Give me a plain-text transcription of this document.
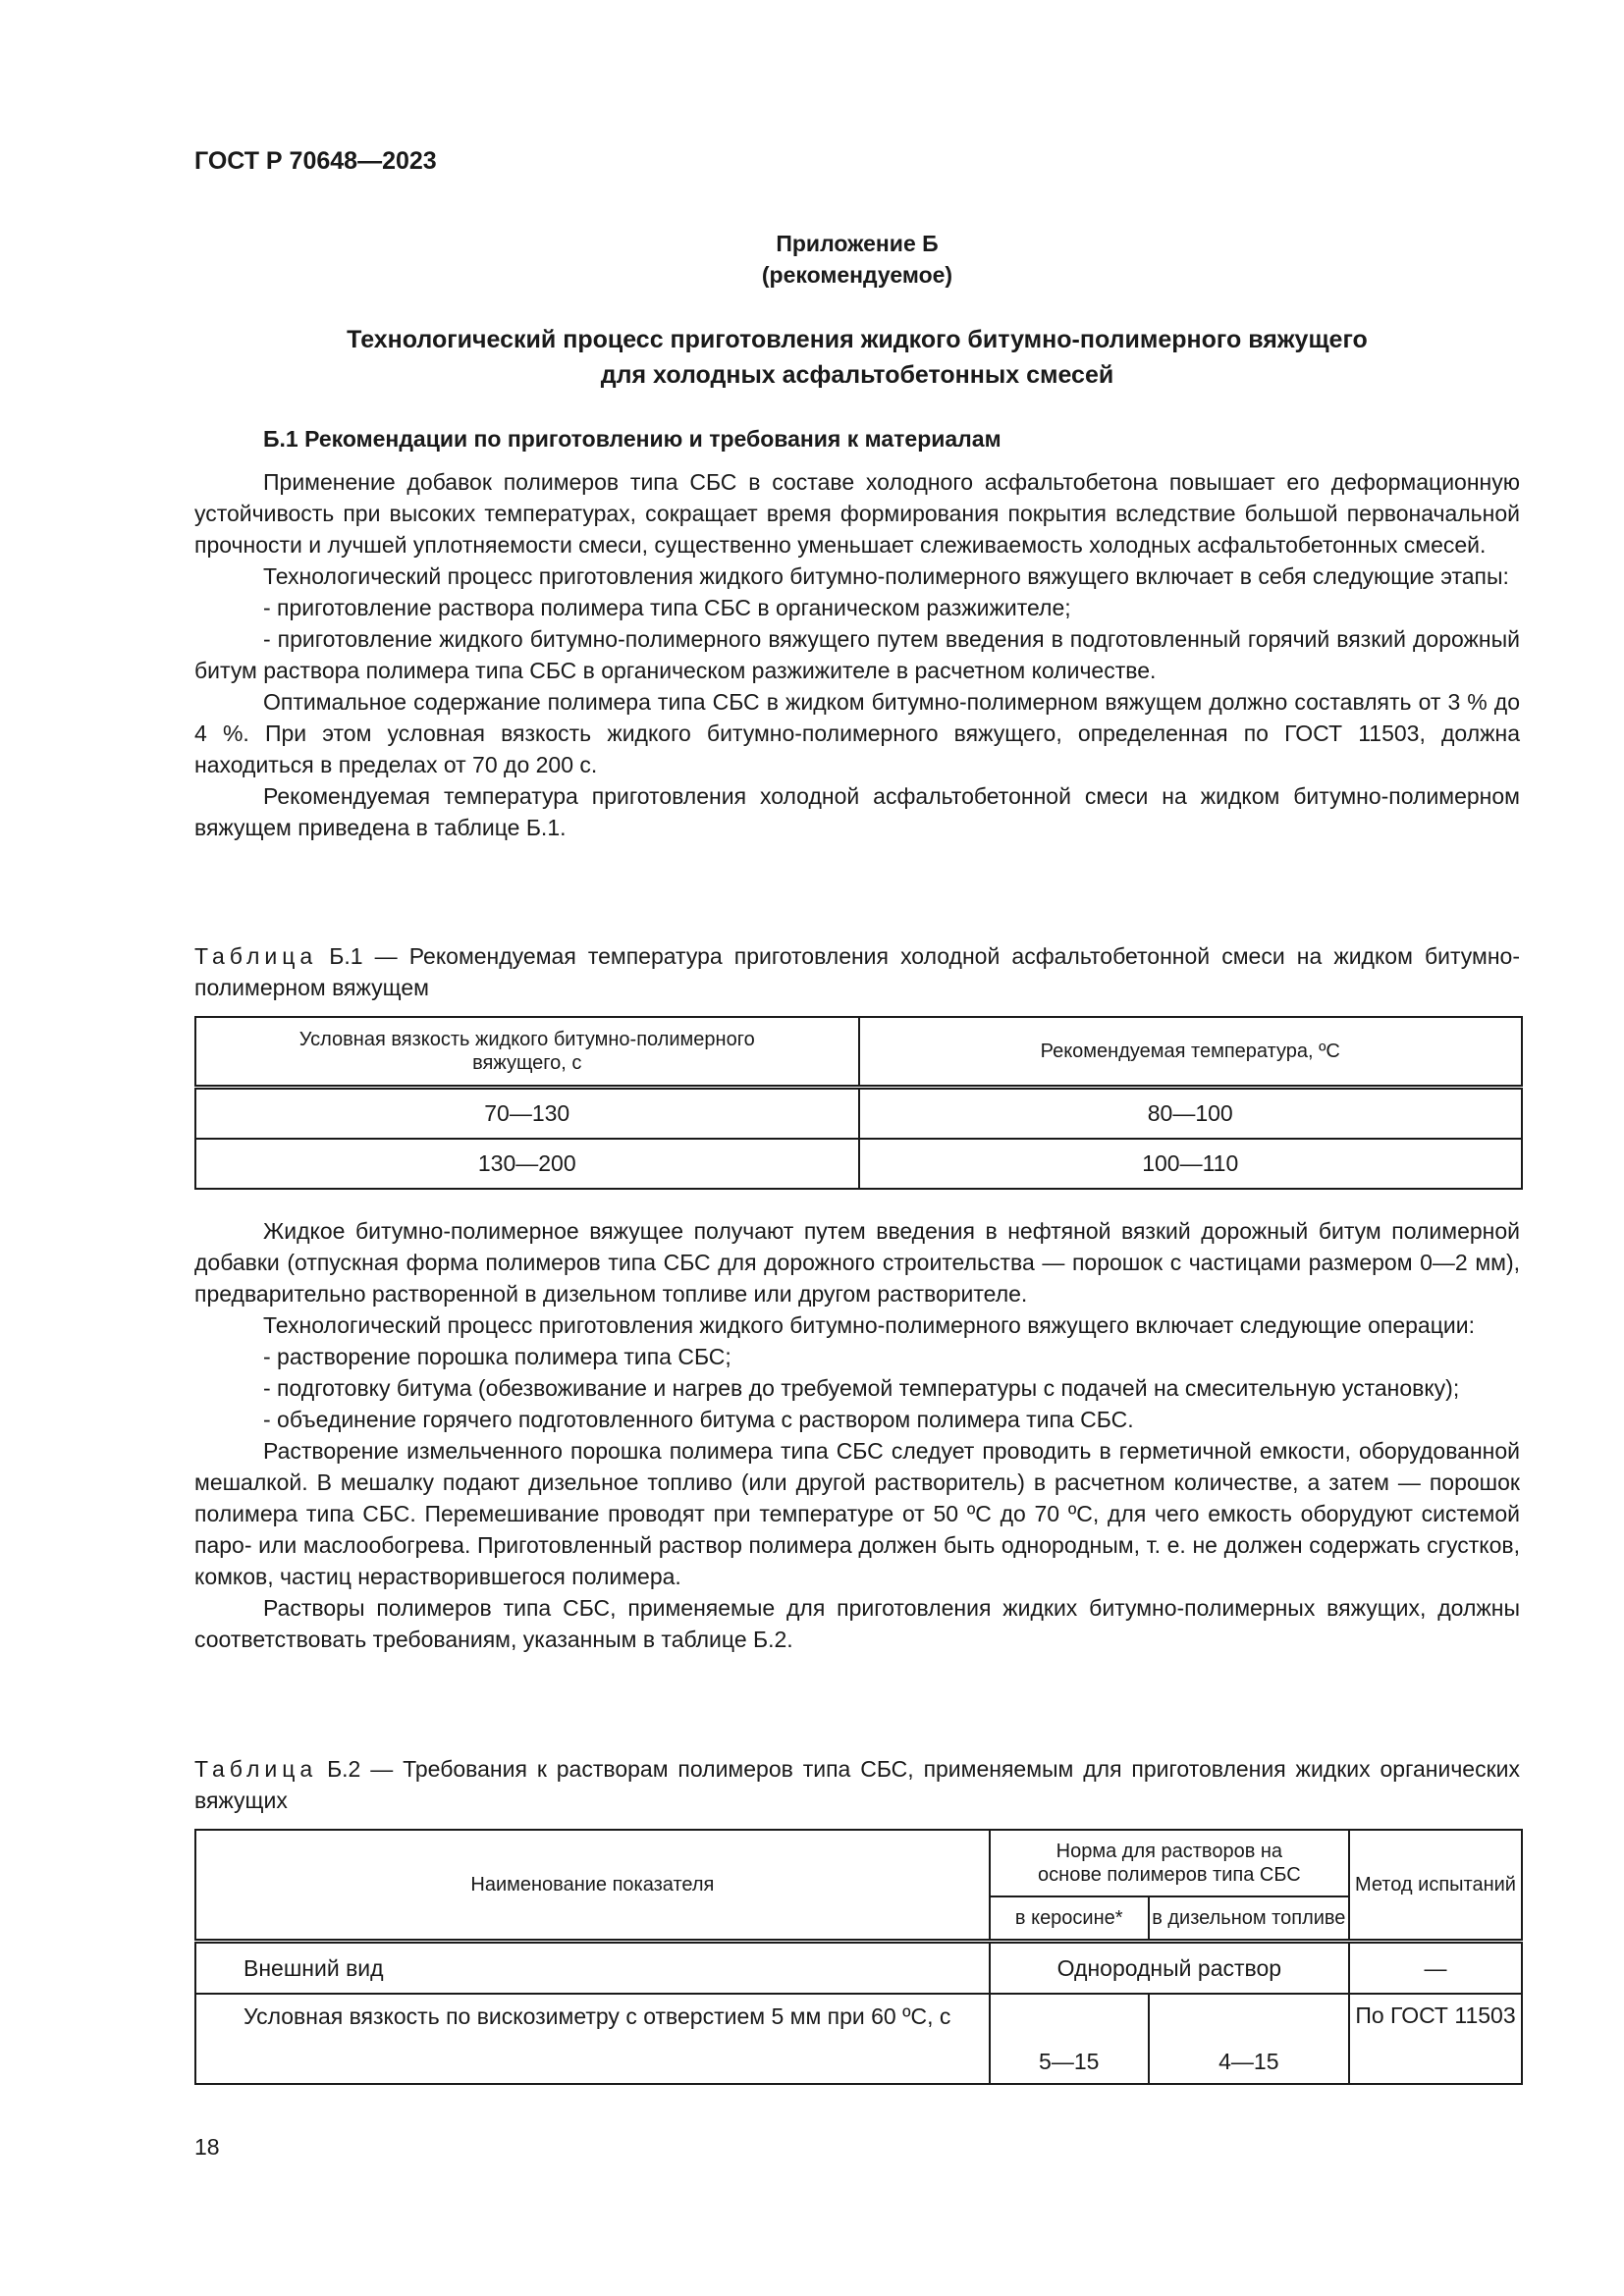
ГОСТ Р 70648—2023
Приложение Б
(рекомендуемое)
Технологический процесс приготовления жидкого битумно-полимерного вяжущего
для холодных асфальтобетонных смесей
Б.1 Рекомендации по приготовлению и требования к материалам

Применение добавок полимеров типа СБС в составе холодного асфальтобетона повышает его деформационную устойчивость при высоких температурах, сокращает время формирования покрытия вследствие большой первоначальной прочности и лучшей уплотняемости смеси, существенно уменьшает слеживаемость холодных асфальтобетонных смесей.

Технологический процесс приготовления жидкого битумно-полимерного вяжущего включает в себя следующие этапы:

- приготовление раствора полимера типа СБС в органическом разжижителе;

- приготовление жидкого битумно-полимерного вяжущего путем введения в подготовленный горячий вязкий дорожный битум раствора полимера типа СБС в органическом разжижителе в расчетном количестве.

Оптимальное содержание полимера типа СБС в жидком битумно-полимерном вяжущем должно составлять от 3 % до 4 %. При этом условная вязкость жидкого битумно-полимерного вяжущего, определенная по ГОСТ 11503, должна находиться в пределах от 70 до 200 с.

Рекомендуемая температура приготовления холодной асфальтобетонной смеси на жидком битумно-полимерном вяжущем приведена в таблице Б.1.

Таблица Б.1 — Рекомендуемая температура приготовления холодной асфальтобетонной смеси на жидком битумно-полимерном вяжущем
Условная вязкость жидкого битумно-полимерного вяжущего, с	Рекомендуемая температура, ºС
70—130	80—100
130—200	100—110

Жидкое битумно-полимерное вяжущее получают путем введения в нефтяной вязкий дорожный битум полимерной добавки (отпускная форма полимеров типа СБС для дорожного строительства — порошок с частицами размером 0—2 мм), предварительно растворенной в дизельном топливе или другом растворителе.

Технологический процесс приготовления жидкого битумно-полимерного вяжущего включает следующие операции:

- растворение порошка полимера типа СБС;

- подготовку битума (обезвоживание и нагрев до требуемой температуры с подачей на смесительную установку);

- объединение горячего подготовленного битума с раствором полимера типа СБС.

Растворение измельченного порошка полимера типа СБС следует проводить в герметичной емкости, оборудованной мешалкой. В мешалку подают дизельное топливо (или другой растворитель) в расчетном количестве, а затем — порошок полимера типа СБС. Перемешивание проводят при температуре от 50 ºС до 70 ºС, для чего емкость оборудуют системой паро- или маслообогрева. Приготовленный раствор полимера должен быть однородным, т. е. не должен содержать сгустков, комков, частиц нерастворившегося полимера.

Растворы полимеров типа СБС, применяемые для приготовления жидких битумно-полимерных вяжущих, должны соответствовать требованиям, указанным в таблице Б.2.

Таблица Б.2 — Требования к растворам полимеров типа СБС, применяемым для приготовления жидких органических вяжущих
Наименование показателя	Норма для растворов на основе полимеров типа СБС		Метод испытаний
	в керосине*	в дизельном топливе	
Внешний вид	Однородный раствор		—
Условная вязкость по вискозиметру с отверстием 5 мм при 60 ºС, с	5—15	4—15	По ГОСТ 11503
18
